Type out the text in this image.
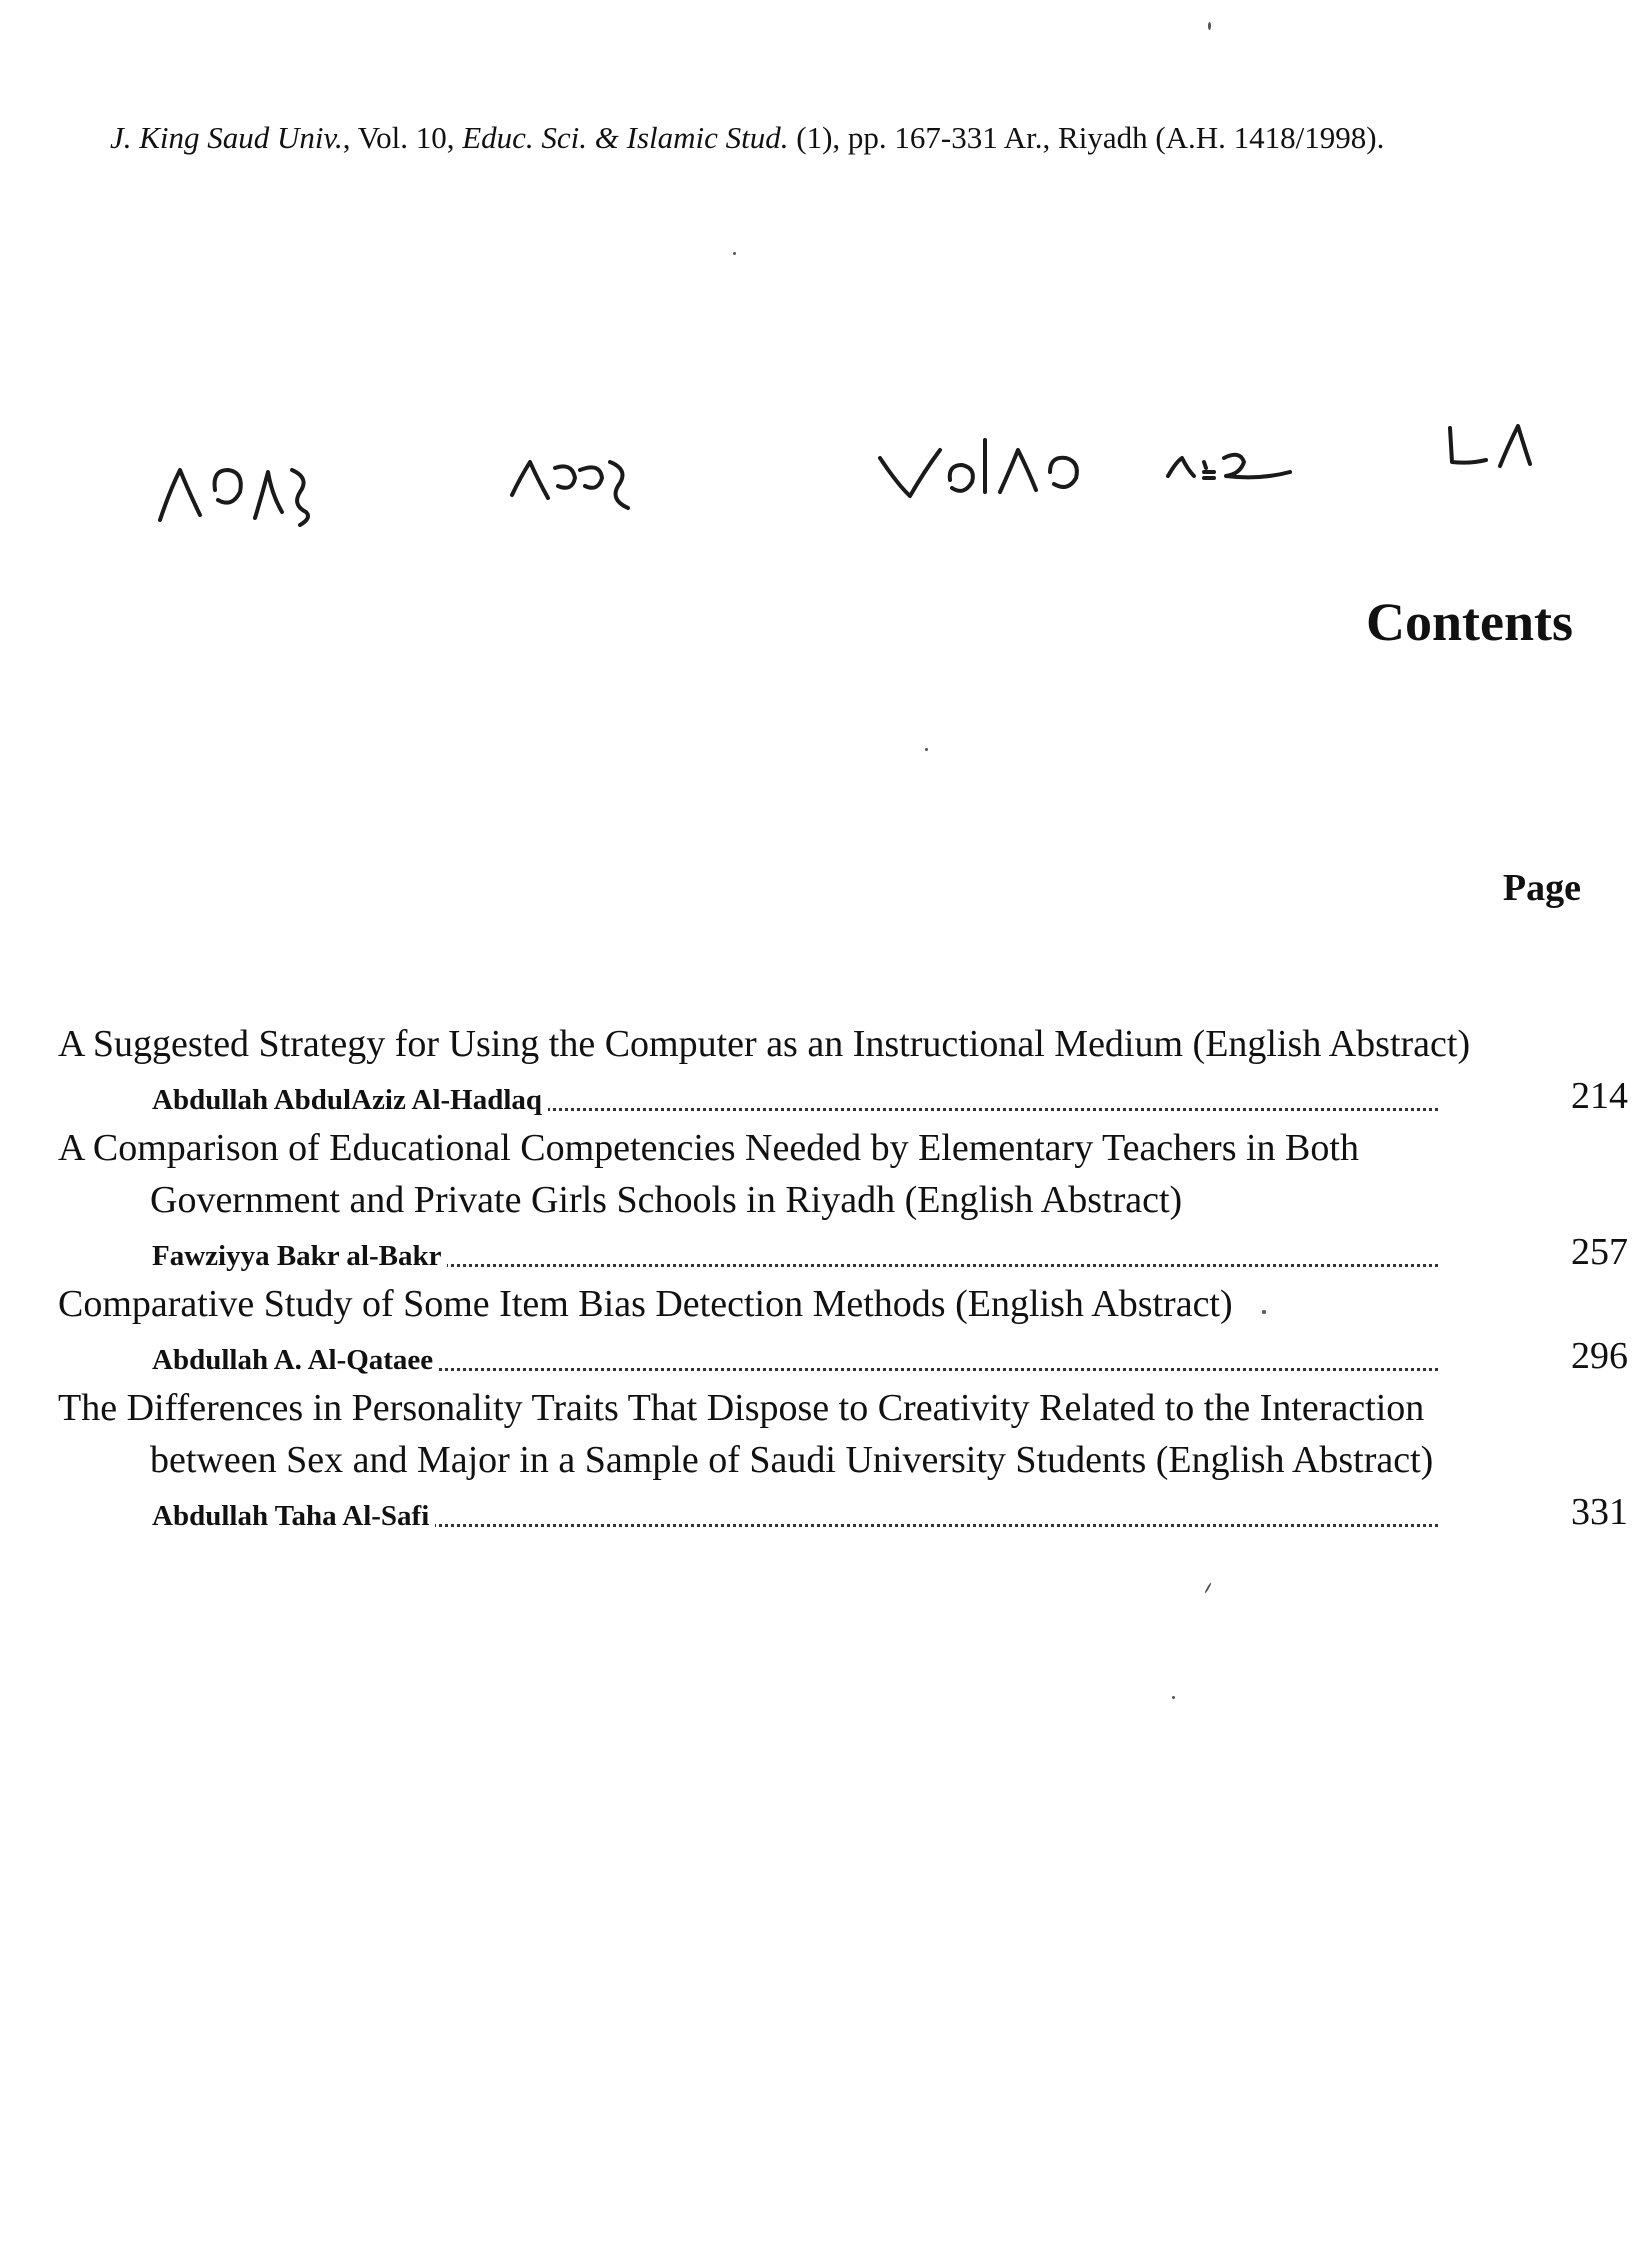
J. King Saud Univ., Vol. 10, Educ. Sci. & Islamic Stud. (1), pp. 167-331 Ar., Riyadh (A.H. 1418/1998).
Contents
Page
A Suggested Strategy for Using the Computer as an Instructional Medium (English Abstract)
Abdullah AbdulAziz Al-Hadlaq	214
A Comparison of Educational Competencies Needed by Elementary Teachers in Both Government and Private Girls Schools in Riyadh (English Abstract)
Fawziyya Bakr al-Bakr	257
Comparative Study of Some Item Bias Detection Methods (English Abstract)
Abdullah A. Al-Qataee	296
The Differences in Personality Traits That Dispose to Creativity Related to the Interaction between Sex and Major in a Sample of Saudi University Students (English Abstract)
Abdullah Taha Al-Safi	331
